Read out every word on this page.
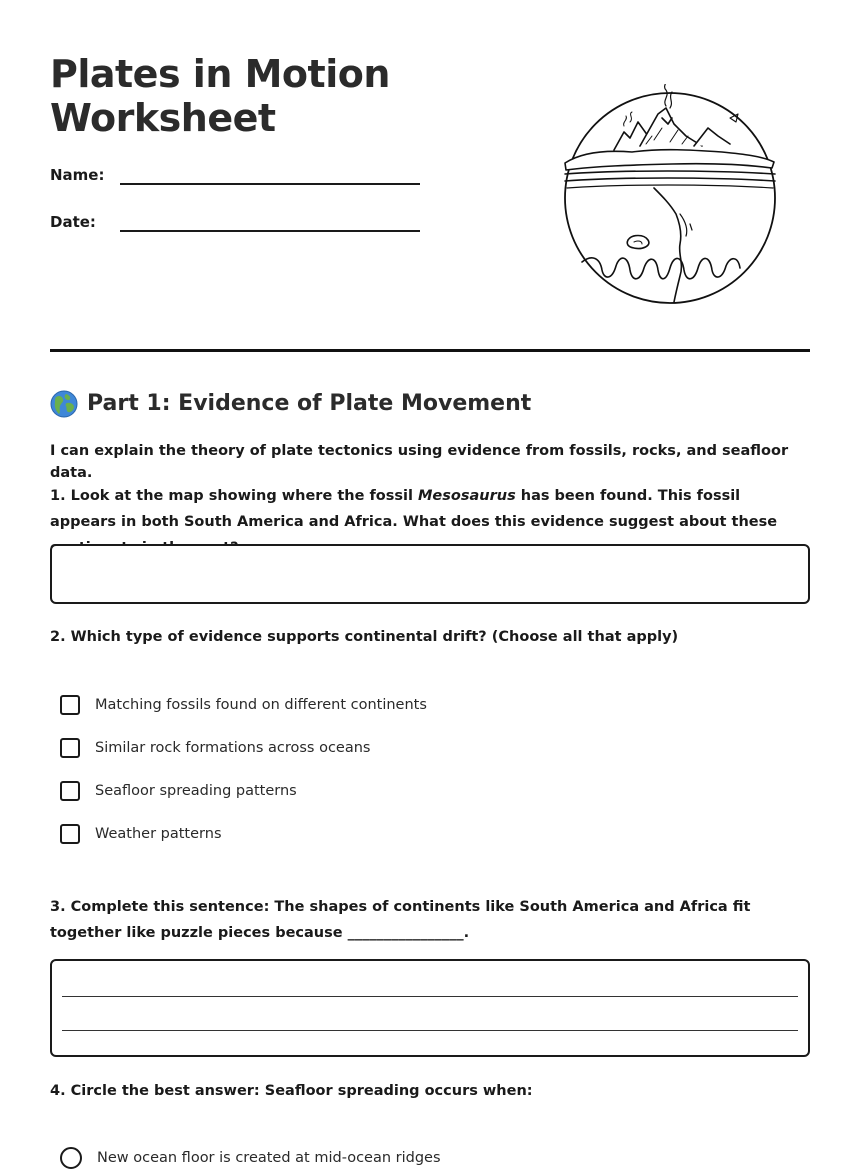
Plates in Motion Worksheet
Name:
Date:
Part 1: Evidence of Plate Movement
I can explain the theory of plate tectonics using evidence from fossils, rocks, and seafloor data.
1. Look at the map showing where the fossil Mesosaurus has been found. This fossil appears in both South America and Africa. What does this evidence suggest about these
2. Which type of evidence supports continental drift? (Choose all that apply)
Matching fossils found on different continents
Similar rock formations across oceans
Seafloor spreading patterns
Weather patterns
3. Complete this sentence: The shapes of continents like South America and Africa fit together like puzzle pieces because ________________.
4. Circle the best answer: Seafloor spreading occurs when:
New ocean floor is created at mid-ocean ridges
